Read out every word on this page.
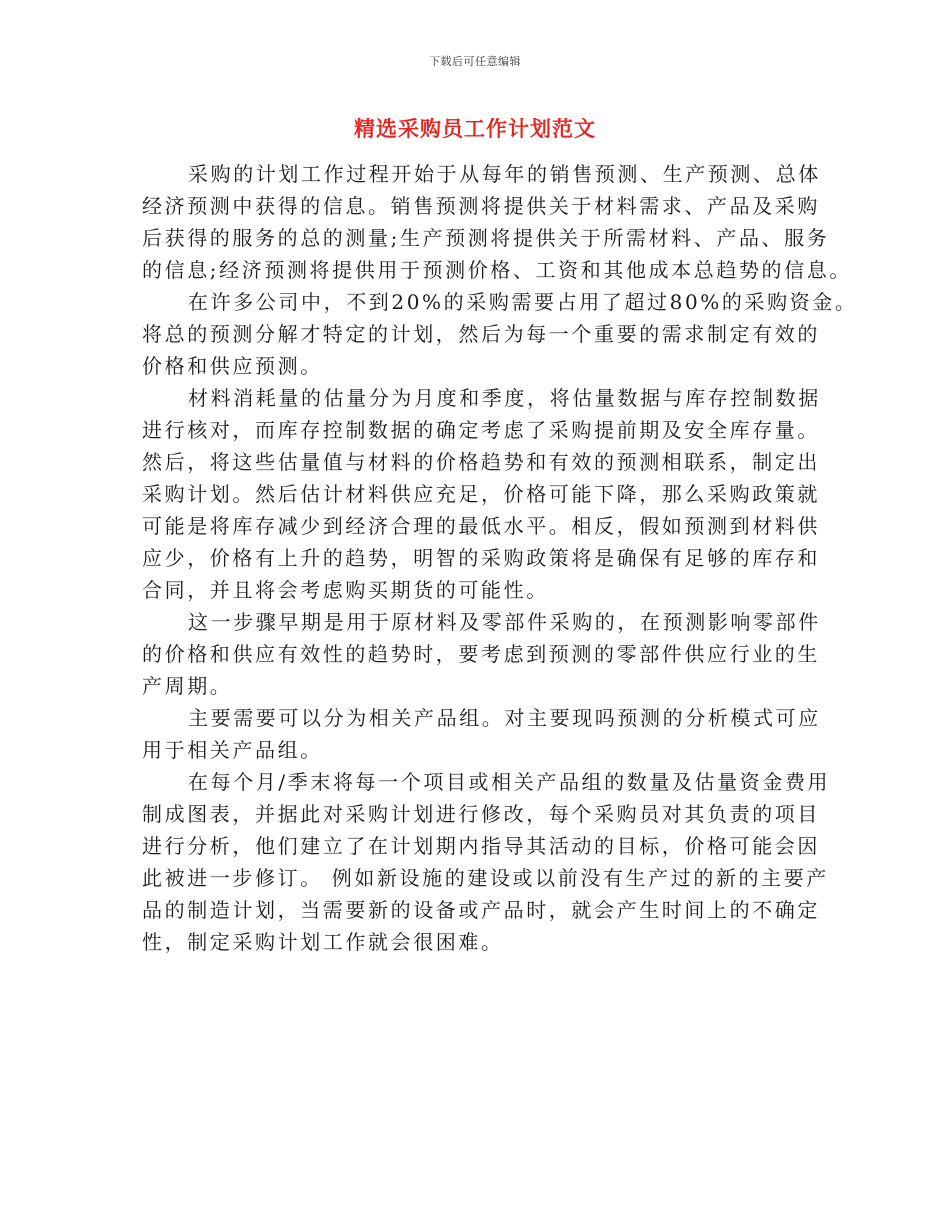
下载后可任意编辑
精选采购员工作计划范文
采购的计划工作过程开始于从每年的销售预测、生产预测、总体
经济预测中获得的信息。销售预测将提供关于材料需求、产品及采购
后获得的服务的总的测量;生产预测将提供关于所需材料、产品、服务
的信息;经济预测将提供用于预测价格、工资和其他成本总趋势的信息。
在许多公司中，不到20%的采购需要占用了超过80%的采购资金。
将总的预测分解才特定的计划，然后为每一个重要的需求制定有效的
价格和供应预测。
材料消耗量的估量分为月度和季度，将估量数据与库存控制数据
进行核对，而库存控制数据的确定考虑了采购提前期及安全库存量。
然后，将这些估量值与材料的价格趋势和有效的预测相联系，制定出
采购计划。然后估计材料供应充足，价格可能下降，那么采购政策就
可能是将库存减少到经济合理的最低水平。相反，假如预测到材料供
应少，价格有上升的趋势，明智的采购政策将是确保有足够的库存和
合同，并且将会考虑购买期货的可能性。
这一步骤早期是用于原材料及零部件采购的，在预测影响零部件
的价格和供应有效性的趋势时，要考虑到预测的零部件供应行业的生
产周期。
主要需要可以分为相关产品组。对主要现吗预测的分析模式可应
用于相关产品组。
在每个月/季末将每一个项目或相关产品组的数量及估量资金费用
制成图表，并据此对采购计划进行修改，每个采购员对其负责的项目
进行分析，他们建立了在计划期内指导其活动的目标，价格可能会因
此被进一步修订。 例如新设施的建设或以前没有生产过的新的主要产
品的制造计划，当需要新的设备或产品时，就会产生时间上的不确定
性，制定采购计划工作就会很困难。
